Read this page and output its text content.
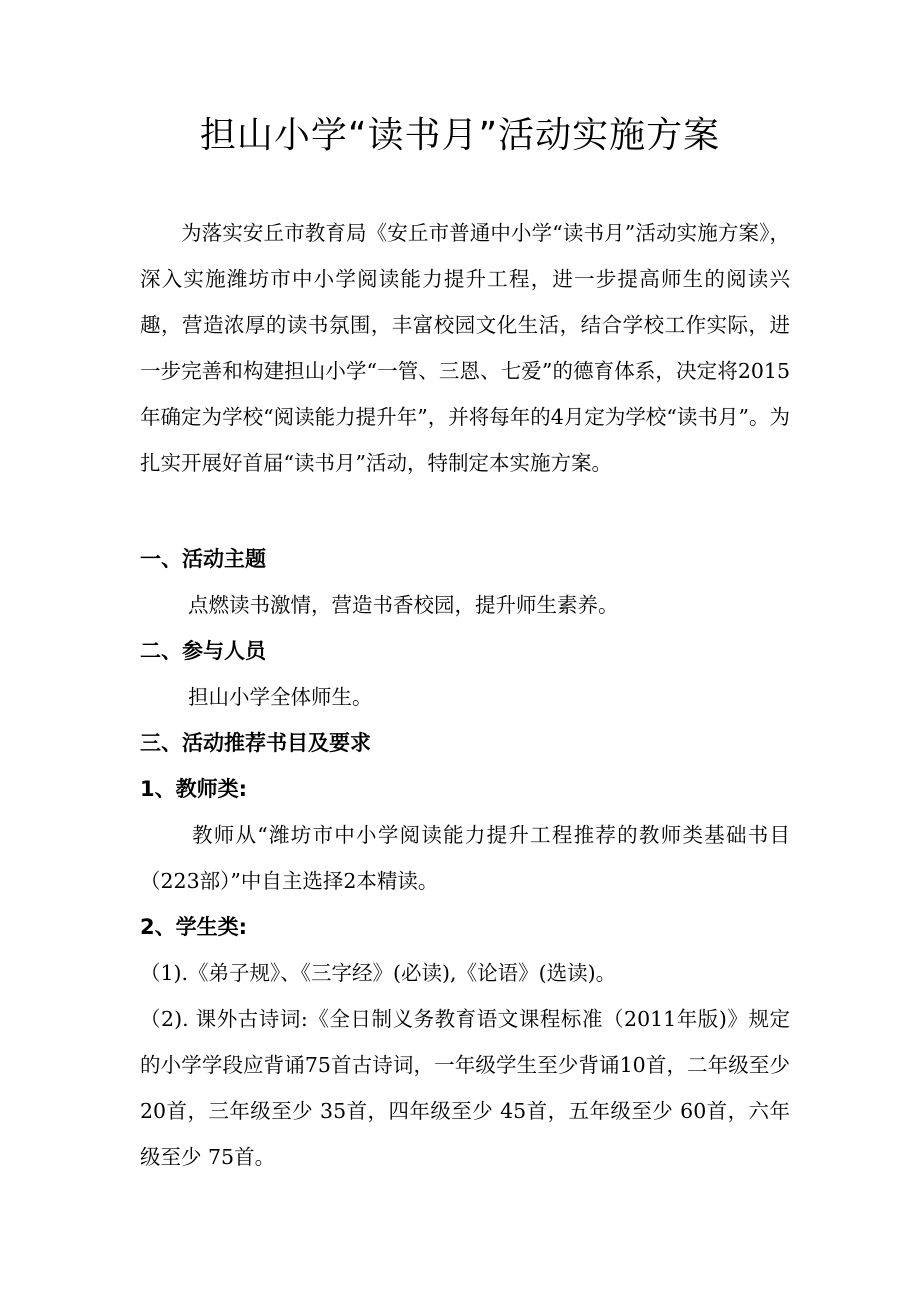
担山小学“读书月”活动实施方案
为落实安丘市教育局《安丘市普通中小学“读书月”活动实施方案》，深入实施潍坊市中小学阅读能力提升工程，进一步提高师生的阅读兴趣，营造浓厚的读书氛围，丰富校园文化生活，结合学校工作实际，进一步完善和构建担山小学“一管、三恩、七爱”的德育体系，决定将2015年确定为学校“阅读能力提升年”，并将每年的4月定为学校“读书月”。为扎实开展好首届“读书月”活动，特制定本实施方案。
一、活动主题
点燃读书激情，营造书香校园，提升师生素养。
二、参与人员
担山小学全体师生。
三、活动推荐书目及要求
1、教师类:
教师从“潍坊市中小学阅读能力提升工程推荐的教师类基础书目（223部）”中自主选择2本精读。
2、学生类:
（1).《弟子规》、《三字经》(必读),《论语》(选读)。
（2). 课外古诗词:《全日制义务教育语文课程标准（2011年版)》规定的小学学段应背诵75首古诗词，一年级学生至少背诵10首，二年级至少 20首，三年级至少 35首，四年级至少 45首，五年级至少 60首，六年级至少 75首。
